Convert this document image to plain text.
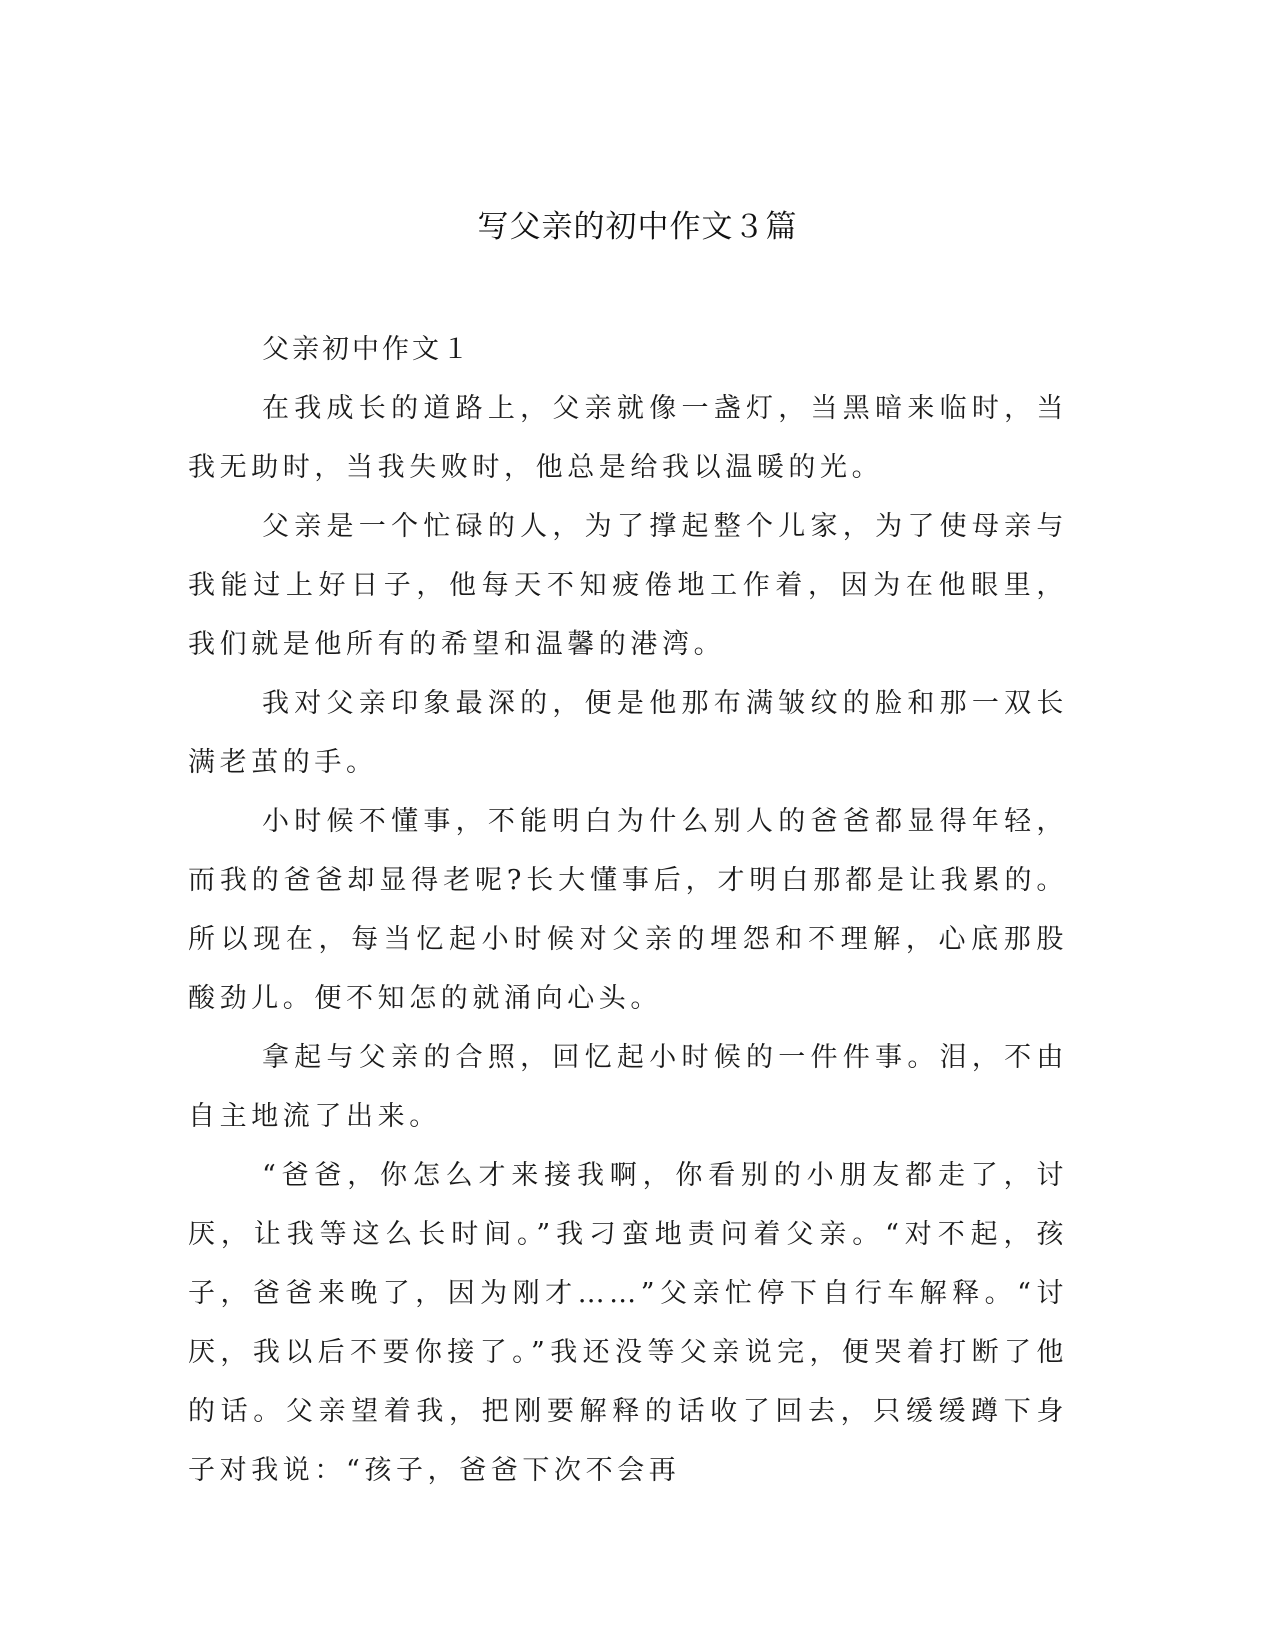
写父亲的初中作文３篇

父亲初中作文１

在我成长的道路上，父亲就像一盏灯，当黑暗来临时，当我无助时，当我失败时，他总是给我以温暖的光。

父亲是一个忙碌的人，为了撑起整个儿家，为了使母亲与我能过上好日子，他每天不知疲倦地工作着，因为在他眼里，我们就是他所有的希望和温馨的港湾。

我对父亲印象最深的，便是他那布满皱纹的脸和那一双长满老茧的手。

小时候不懂事，不能明白为什么别人的爸爸都显得年轻，而我的爸爸却显得老呢?长大懂事后，才明白那都是让我累的。所以现在，每当忆起小时候对父亲的埋怨和不理解，心底那股酸劲儿。便不知怎的就涌向心头。

拿起与父亲的合照，回忆起小时候的一件件事。泪，不由自主地流了出来。

“爸爸，你怎么才来接我啊，你看别的小朋友都走了，讨厌，让我等这么长时间。”我刁蛮地责问着父亲。“对不起，孩子，爸爸来晚了，因为刚才……”父亲忙停下自行车解释。“讨厌，我以后不要你接了。”我还没等父亲说完，便哭着打断了他的话。父亲望着我，把刚要解释的话收了回去，只缓缓蹲下身子对我说：“孩子，爸爸下次不会再
